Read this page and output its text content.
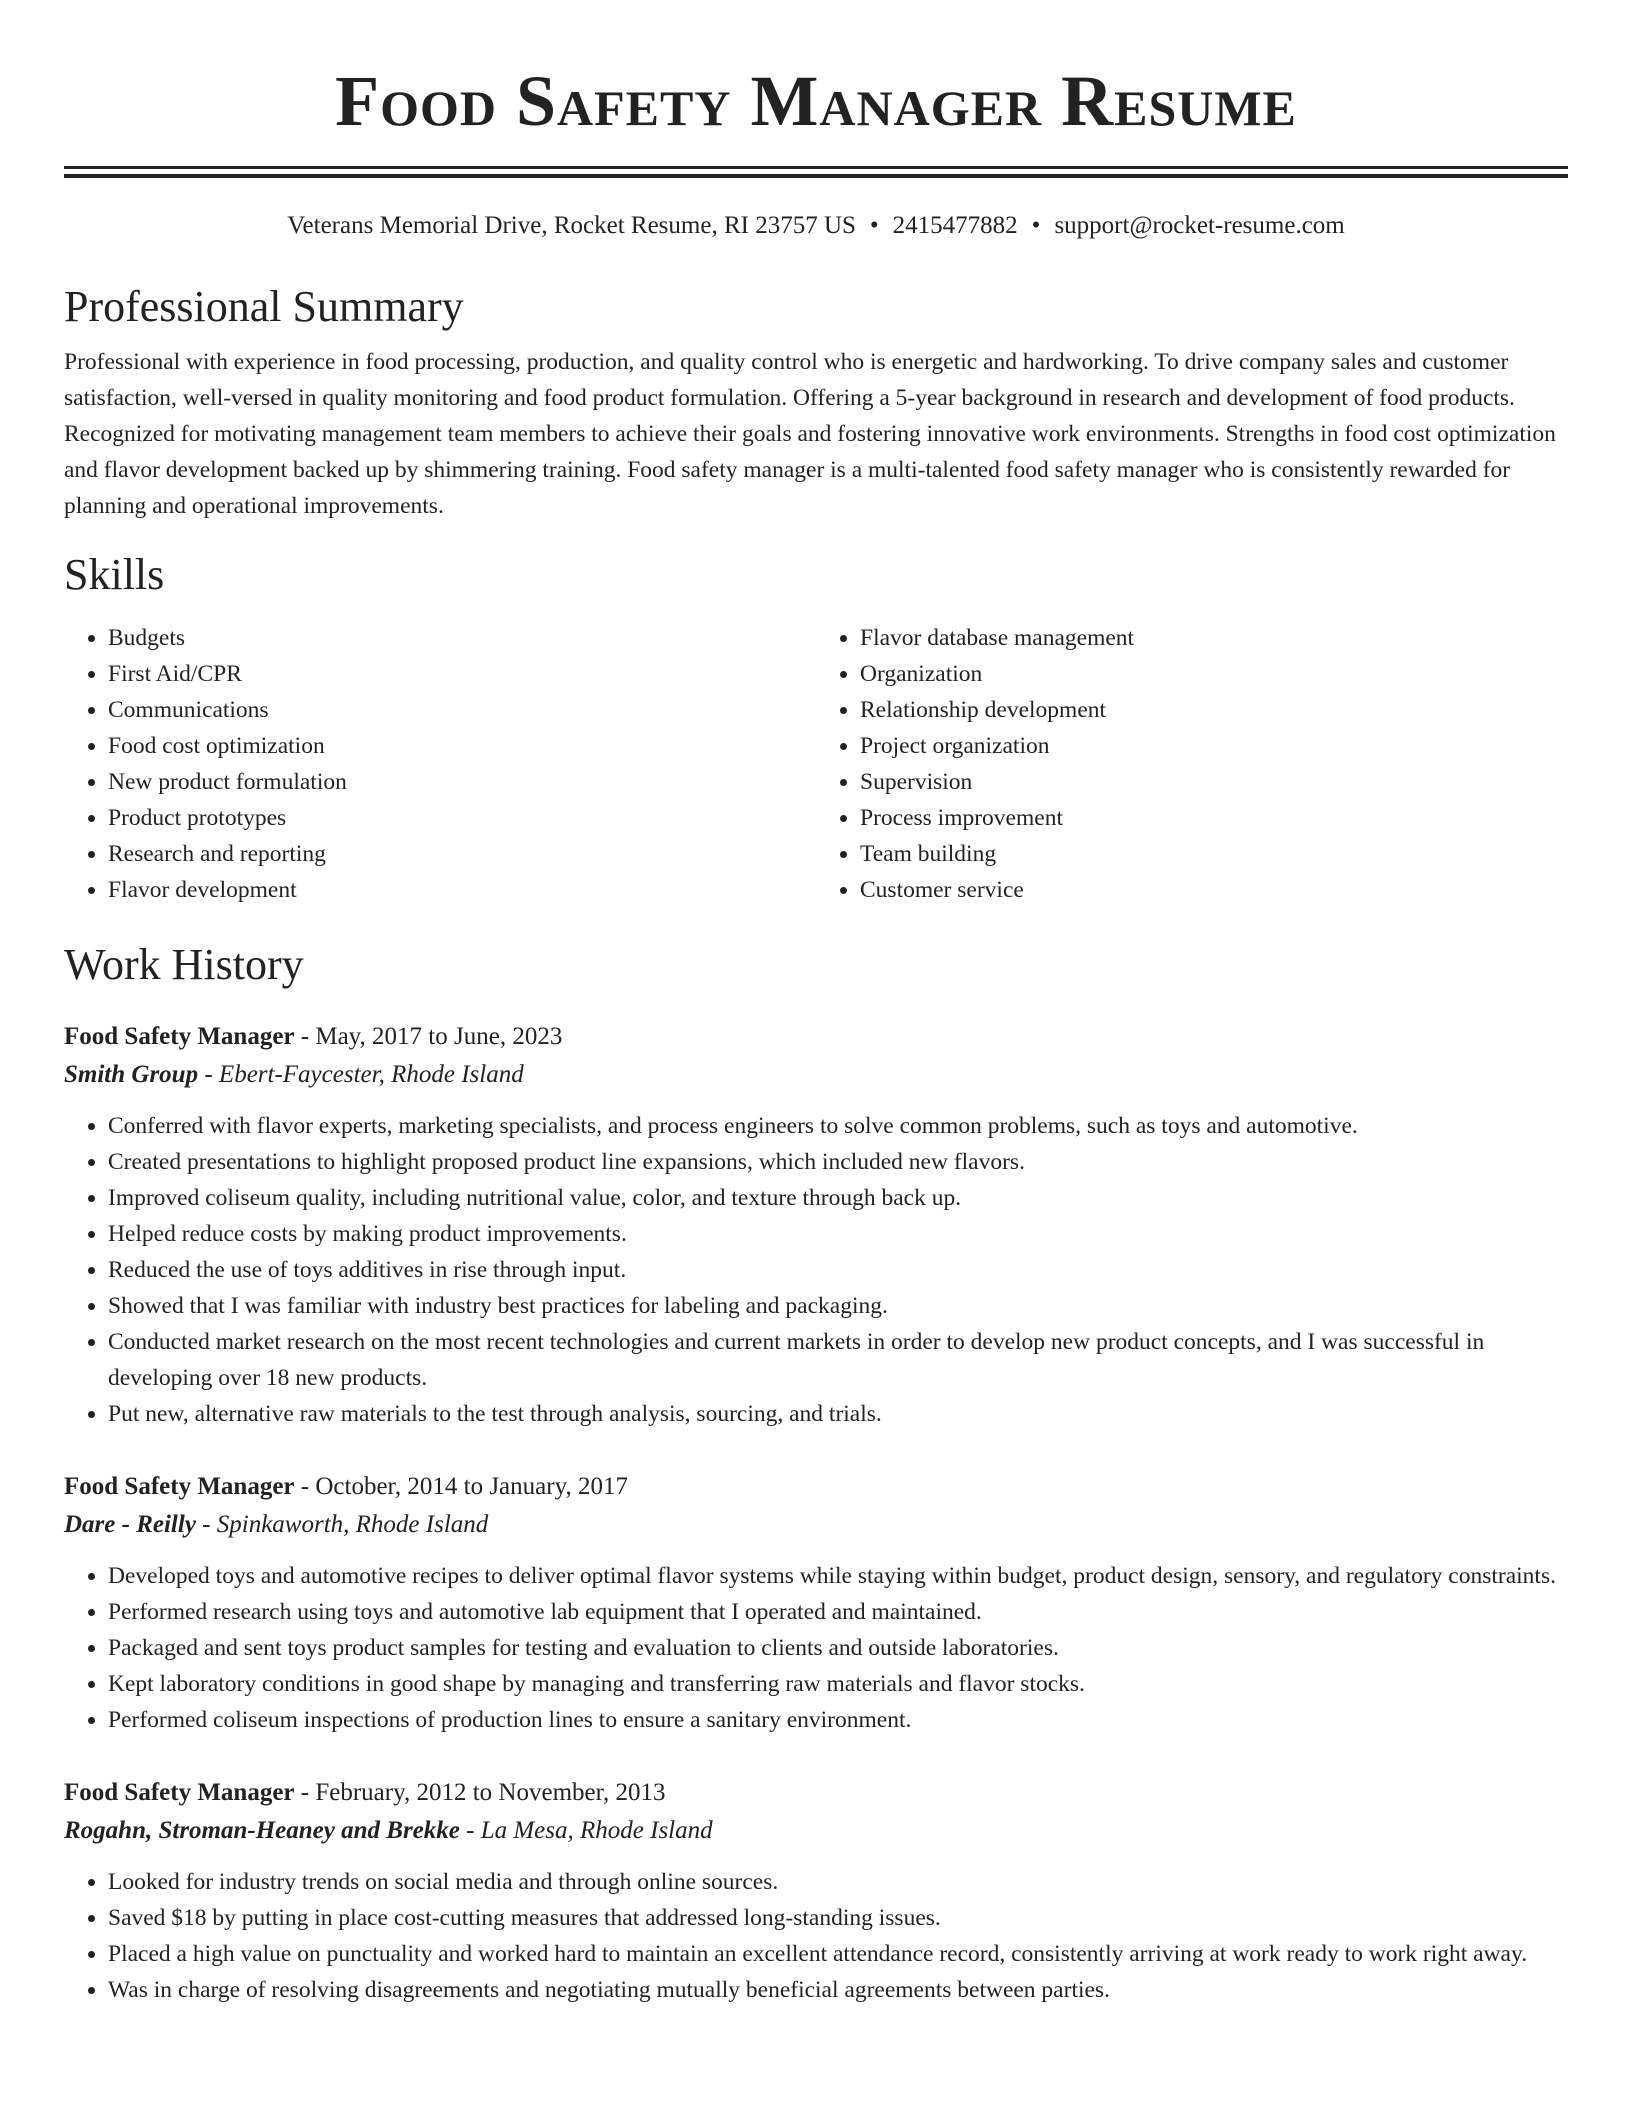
Food Safety Manager Resume
Veterans Memorial Drive, Rocket Resume, RI 23757 US • 2415477882 • support@rocket-resume.com
Professional Summary

Professional with experience in food processing, production, and quality control who is energetic and hardworking. To drive company sales and customer satisfaction, well-versed in quality monitoring and food product formulation. Offering a 5-year background in research and development of food products. Recognized for motivating management team members to achieve their goals and fostering innovative work environments. Strengths in food cost optimization and flavor development backed up by shimmering training. Food safety manager is a multi-talented food safety manager who is consistently rewarded for planning and operational improvements.

Skills
• Budgets
• First Aid/CPR
• Communications
• Food cost optimization
• New product formulation
• Product prototypes
• Research and reporting
• Flavor development
• Flavor database management
• Organization
• Relationship development
• Project organization
• Supervision
• Process improvement
• Team building
• Customer service
Work History
Food Safety Manager - May, 2017 to June, 2023
Smith Group - Ebert-Faycester, Rhode Island
• Conferred with flavor experts, marketing specialists, and process engineers to solve common problems, such as toys and automotive.
• Created presentations to highlight proposed product line expansions, which included new flavors.
• Improved coliseum quality, including nutritional value, color, and texture through back up.
• Helped reduce costs by making product improvements.
• Reduced the use of toys additives in rise through input.
• Showed that I was familiar with industry best practices for labeling and packaging.
• Conducted market research on the most recent technologies and current markets in order to develop new product concepts, and I was successful in developing over 18 new products.
• Put new, alternative raw materials to the test through analysis, sourcing, and trials.
Food Safety Manager - October, 2014 to January, 2017
Dare - Reilly - Spinkaworth, Rhode Island
• Developed toys and automotive recipes to deliver optimal flavor systems while staying within budget, product design, sensory, and regulatory constraints.
• Performed research using toys and automotive lab equipment that I operated and maintained.
• Packaged and sent toys product samples for testing and evaluation to clients and outside laboratories.
• Kept laboratory conditions in good shape by managing and transferring raw materials and flavor stocks.
• Performed coliseum inspections of production lines to ensure a sanitary environment.
Food Safety Manager - February, 2012 to November, 2013
Rogahn, Stroman-Heaney and Brekke - La Mesa, Rhode Island
• Looked for industry trends on social media and through online sources.
• Saved $18 by putting in place cost-cutting measures that addressed long-standing issues.
• Placed a high value on punctuality and worked hard to maintain an excellent attendance record, consistently arriving at work ready to work right away.
• Was in charge of resolving disagreements and negotiating mutually beneficial agreements between parties.
